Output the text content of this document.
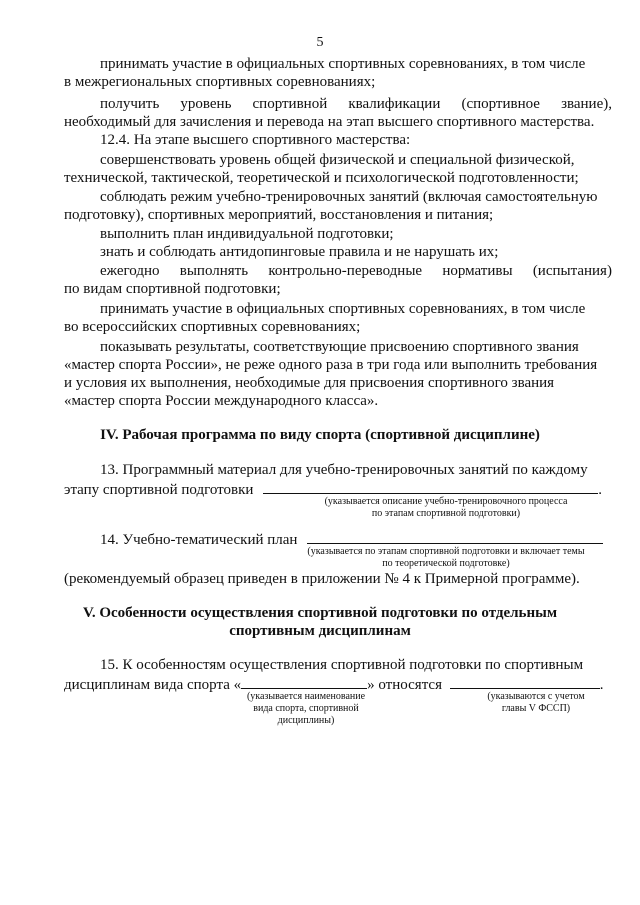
5
принимать участие в официальных спортивных соревнованиях, в том числе
в межрегиональных спортивных соревнованиях;
получить уровень спортивной квалификации (спортивное звание),
необходимый для зачисления и перевода на этап высшего спортивного мастерства.
12.4. На этапе высшего спортивного мастерства:
совершенствовать уровень общей физической и специальной физической,
технической, тактической, теоретической и психологической подготовленности;
соблюдать режим учебно-тренировочных занятий (включая самостоятельную
подготовку), спортивных мероприятий, восстановления и питания;
выполнить план индивидуальной подготовки;
знать и соблюдать антидопинговые правила и не нарушать их;
ежегодно выполнять контрольно-переводные нормативы (испытания)
по видам спортивной подготовки;
принимать участие в официальных спортивных соревнованиях, в том числе
во всероссийских спортивных соревнованиях;
показывать результаты, соответствующие присвоению спортивного звания
«мастер спорта России», не реже одного раза в три года или выполнить требования
и условия их выполнения, необходимые для присвоения спортивного звания
«мастер спорта России международного класса».
IV. Рабочая программа по виду спорта (спортивной дисциплине)
13. Программный материал для учебно-тренировочных занятий по каждому
этапу спортивной подготовки	.
(указывается описание учебно-тренировочного процесса
по этапам спортивной подготовки)
14. Учебно-тематический план
(указывается по этапам спортивной подготовки и включает темы
по теоретической подготовке)
(рекомендуемый образец приведен в приложении № 4 к Примерной программе).
V. Особенности осуществления спортивной подготовки по отдельным
спортивным дисциплинам
15. К особенностям осуществления спортивной подготовки по спортивным
дисциплинам вида спорта «	» относятся	.
(указывается наименование
вида спорта, спортивной
дисциплины)
(указываются с учетом
главы V ФССП)
